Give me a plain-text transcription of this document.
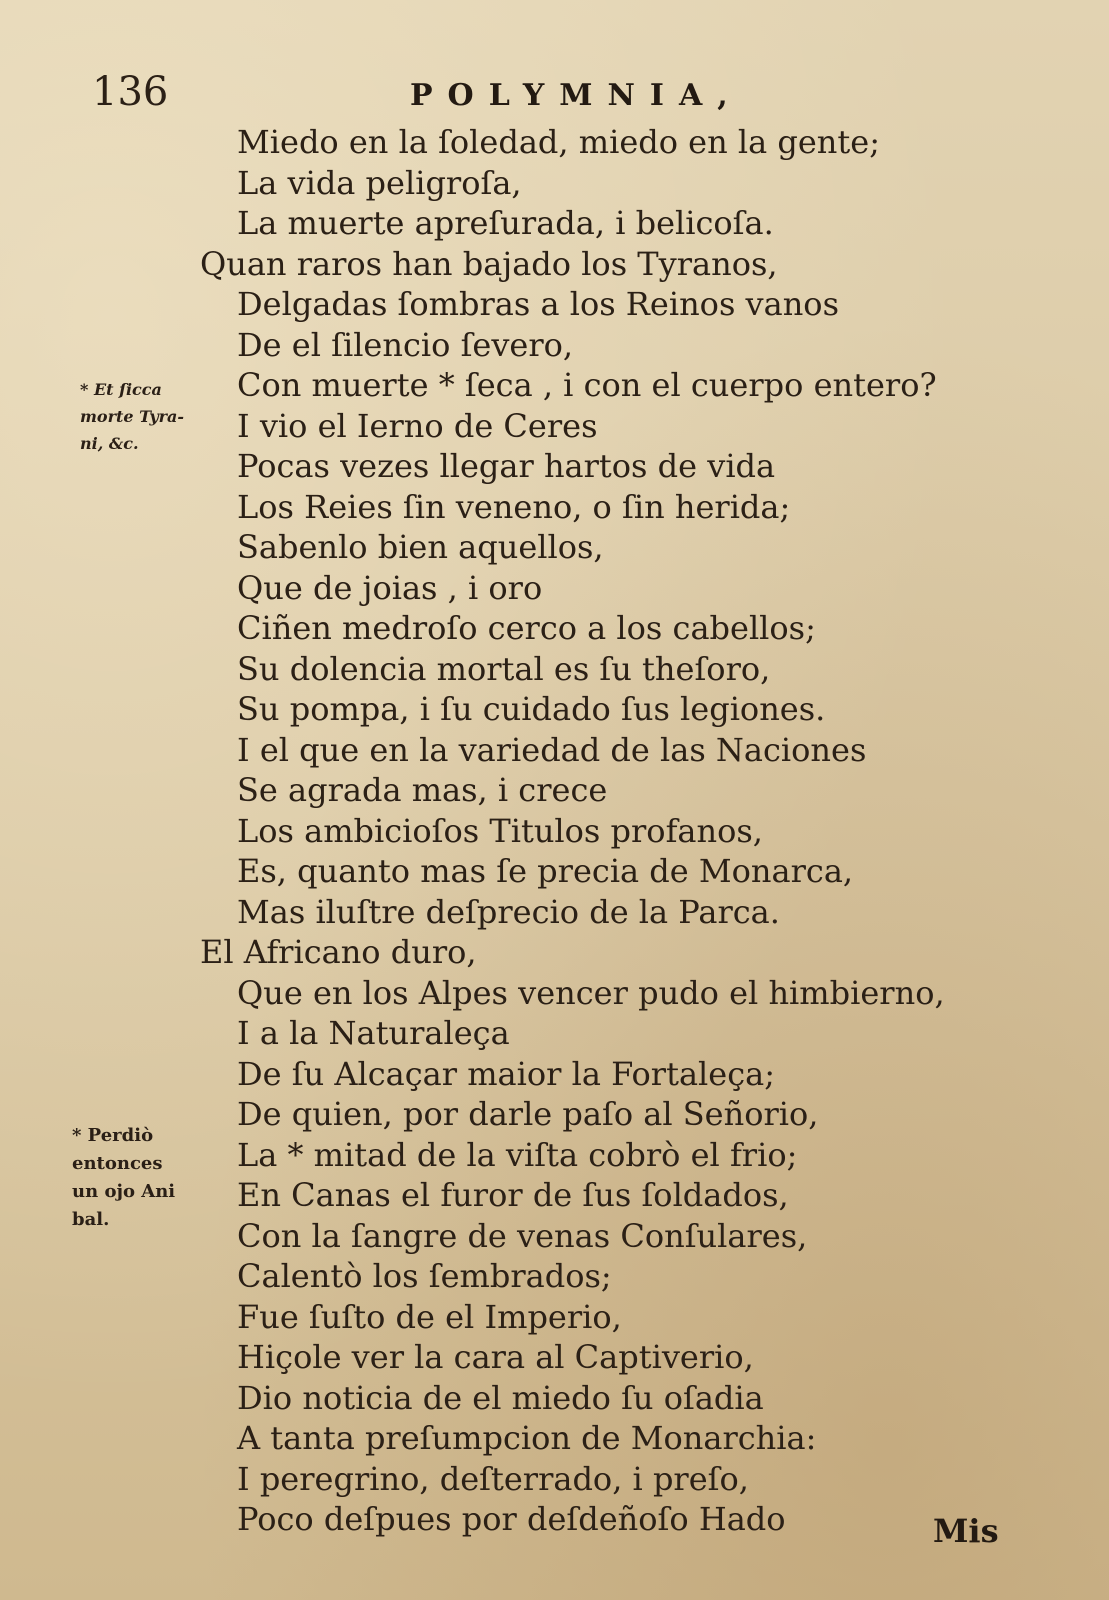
136	POLYMNIA,
* Et ſicca
morte Tyra-
ni, &c.
* Perdiò
entonces
un ojo Ani
bal.
Miedo en la ſoledad, miedo en la gente;
La vida peligroſa,
La muerte apreſurada, i belicoſa.
Quan raros han bajado los Tyranos,
Delgadas ſombras a los Reinos vanos
De el ſilencio ſevero,
Con muerte * ſeca , i con el cuerpo entero?
I vio el Ierno de Ceres
Pocas vezes llegar hartos de vida
Los Reies ſin veneno, o ſin herida;
Sabenlo bien aquellos,
Que de joias , i oro
Ciñen medroſo cerco a los cabellos;
Su dolencia mortal es ſu theſoro,
Su pompa, i ſu cuidado ſus legiones.
I el que en la variedad de las Naciones
Se agrada mas, i crece
Los ambicioſos Titulos profanos,
Es, quanto mas ſe precia de Monarca,
Mas iluſtre deſprecio de la Parca.
El Africano duro,
Que en los Alpes vencer pudo el himbierno,
I a la Naturaleça
De ſu Alcaçar maior la Fortaleça;
De quien, por darle paſo al Señorio,
La * mitad de la viſta cobrò el frio;
En Canas el furor de ſus ſoldados,
Con la ſangre de venas Conſulares,
Calentò los ſembrados;
Fue ſuſto de el Imperio,
Hiçole ver la cara al Captiverio,
Dio noticia de el miedo ſu oſadia
A tanta preſumpcion de Monarchia:
I peregrino, deſterrado, i preſo,
Poco deſpues por deſdeñoſo Hado	Mis
